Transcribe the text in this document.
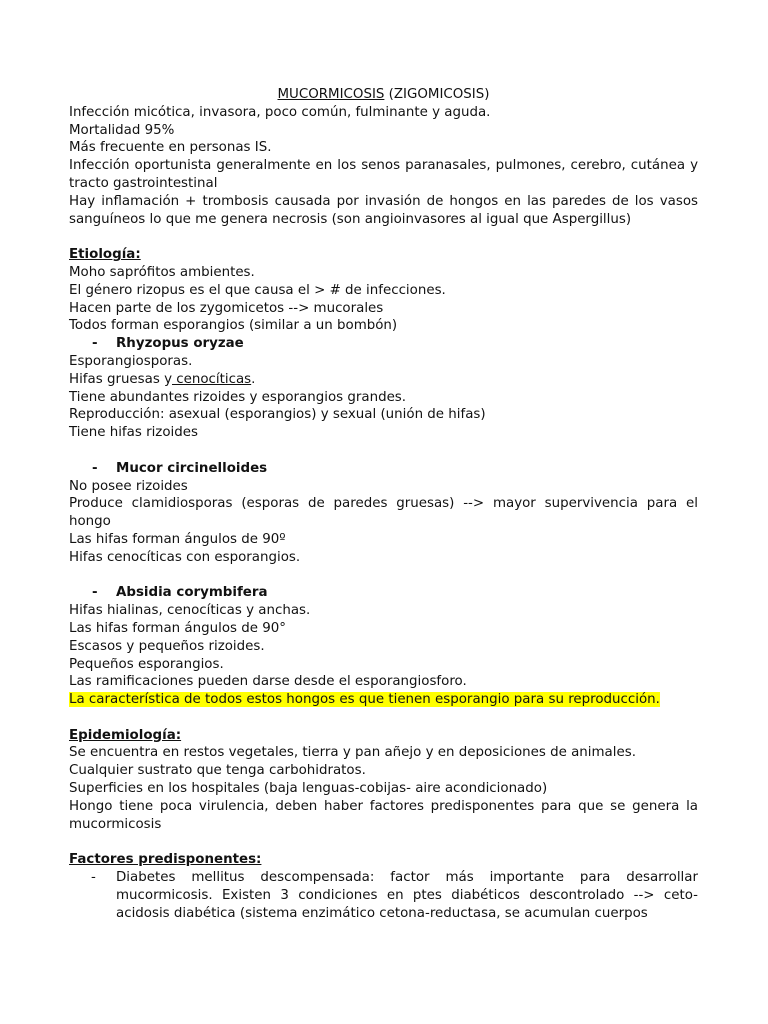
MUCORMICOSIS (ZIGOMICOSIS)

Infección micótica, invasora, poco común, fulminante y aguda.

Mortalidad 95%

Más frecuente en personas IS.

Infección oportunista generalmente en los senos paranasales, pulmones, cerebro, cutánea y tracto gastrointestinal

Hay inflamación + trombosis causada por invasión de hongos en las paredes de los vasos sanguíneos lo que me genera necrosis (son angioinvasores al igual que Aspergillus)

Etiología:

Moho saprófitos ambientes.

El género rizopus es el que causa el > # de infecciones.

Hacen parte de los zygomicetos --> mucorales

Todos forman esporangios (similar a un bombón)

- Rhyzopus oryzae

Esporangiosporas.

Hifas gruesas y cenocíticas.

Tiene abundantes rizoides y esporangios grandes.

Reproducción: asexual (esporangios) y sexual (unión de hifas)

Tiene hifas rizoides

- Mucor circinelloides

No posee rizoides

Produce clamidiosporas (esporas de paredes gruesas) --> mayor supervivencia para el hongo

Las hifas forman ángulos de 90º

Hifas cenocíticas con esporangios.

- Absidia corymbifera

Hifas hialinas, cenocíticas y anchas.

Las hifas forman ángulos de 90°

Escasos y pequeños rizoides.

Pequeños esporangios.

Las ramificaciones pueden darse desde el esporangiosforo.

La característica de todos estos hongos es que tienen esporangio para su reproducción.

Epidemiología:

Se encuentra en restos vegetales, tierra y pan añejo y en deposiciones de animales.

Cualquier sustrato que tenga carbohidratos.

Superficies en los hospitales (baja lenguas-cobijas- aire acondicionado)

Hongo tiene poca virulencia, deben haber factores predisponentes para que se genera la mucormicosis

Factores predisponentes:

- Diabetes mellitus descompensada: factor más importante para desarrollar mucormicosis. Existen 3 condiciones en ptes diabéticos descontrolado --> ceto-acidosis diabética (sistema enzimático cetona-reductasa, se acumulan cuerpos
